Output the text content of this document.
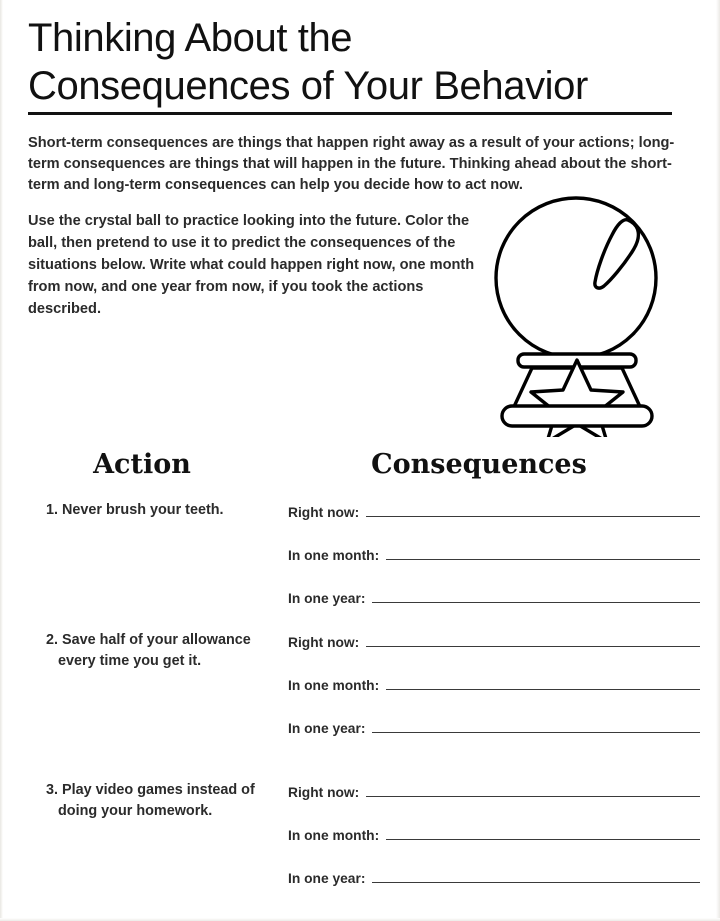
Thinking About the
Consequences of Your Behavior
Short-term consequences are things that happen right away as a result of your actions; long-term consequences are things that will happen in the future. Thinking ahead about the short-term and long-term consequences can help you decide how to act now.
Use the crystal ball to practice looking into the future. Color the ball, then pretend to use it to predict the consequences of the situations below. Write what could happen right now, one month from now, and one year from now, if you took the actions described.
Action	Consequences
1. Never brush your teeth.	Right now:
In one month:
In one year:
2. Save half of your allowance every time you get it.
Right now:
In one month:
In one year:
3. Play video games instead of doing your homework.
Right now:
In one month:
In one year:
